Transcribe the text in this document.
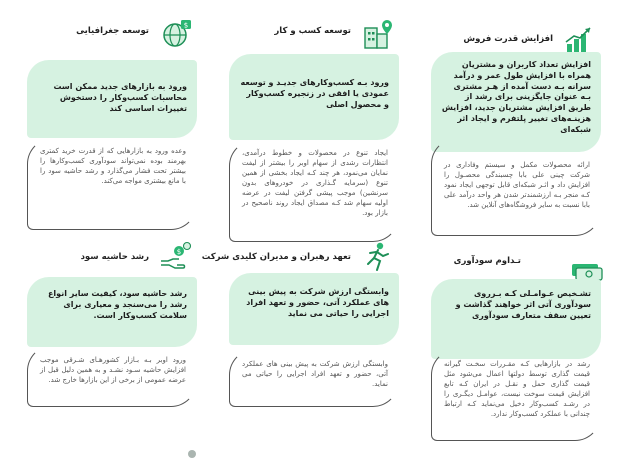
توسعه جغرافیایی
$
ورود به بازارهای جدید ممکن است محاسبات کسب‌وکار را دستخوش تغییرات اساسی کند
وعده ورود به بازارهایی که از قدرت خرید کمتری بهرمند بوده نمی‌تواند سودآوری کسب‌وکارها را بیشتر تحت فشار می‌گذارد و رشد حاشیه سود را با مانع بیشتری مواجه می‌کند.
توسعه کسب و کار
ورود بـه کسب‌وکارهای جدیـد و توسعه عمودی یا افقی در زنجیره کسب‌وکار و محصول اصلی
ایجاد تنوع در محصولات و خطوط درآمدی، انتظارات رشدی از سهام اوبر را بیشتر از لیفت نمایان می‌نمود، هر چند کـه ایجاد بخشی از همین تنوع (سرمایه گـذاری در خودروهای بدون سرنشین) موجب پیشی گرفتن لیفت در عرضه اولیه سهام شد کـه مصداق ایجاد روند ناصحیح در بازار بود.
افزایش قدرت فروش
افزایش تعداد کاربران و مشتریان همراه با افزایش طول عمر و درآمد سرانه بـه دست آمده از هـر مشتری بـه عنوان جایگزینی برای رشد از طریق افزایش مشتریان جدید، افزایش هزینـه‌های تغییر پلتفرم و ایجاد اثر شبکه‌ای
ارائه محصولات مکمل و سیستم وفاداری در شرکت چینی علی بابا چسبندگی محصـول را افزایش داد و اثـر شبکه‌ای قابل توجهی ایجاد نمود کـه منجر بـه ارزشمندتر شدن هر واحد درآمد علی بابا نسبت به سایر فروشگاه‌های آنلاین شد.
رشد حاشیه سود	$
رشد حاشیه سود، کیفیت سایر انواع رشد را می‌سنجد و معیاری برای سلامت کسب‌وکار است.
ورود اوبر بـه بـازار کشورهـای شـرقی موجب افزایش حاشیه سـود نشـد و به همین دلیل قبل از عرضه عمومی از برخی از این بازارها خارج شد.
تعهد رهبران و مدیران کلیدی شرکت
وابستگی ارزش شرکت به پیش بینی های عملکرد آتی، حضور و تعهد افراد اجرایی را حیاتی می نماید
وابستگی ارزش شرکت به پیش بینی های عملکرد آتی، حضور و تعهد افراد اجرایی را حیاتی می نماید.
تـداوم سودآوری
تشـخیص عـوامـلی کـه بـرروی سودآوری آتی اثر خواهند گذاشت و تعیین سقف متعارف سودآوری
رشد در بازارهایی کـه مقـررات سخـت گیرانه قیمت گذاری توسط دولتها اعمال می‌شود مثل قیمت گذاری حمل و نقـل در ایران کـه تابع افزایش قیمت سوخت نیست، عوامـل دیگـری را در رشـد کسب‌وکار دخیل می‌نماید کـه ارتباط چندانی با عملکرد کسب‌وکار ندارد.
